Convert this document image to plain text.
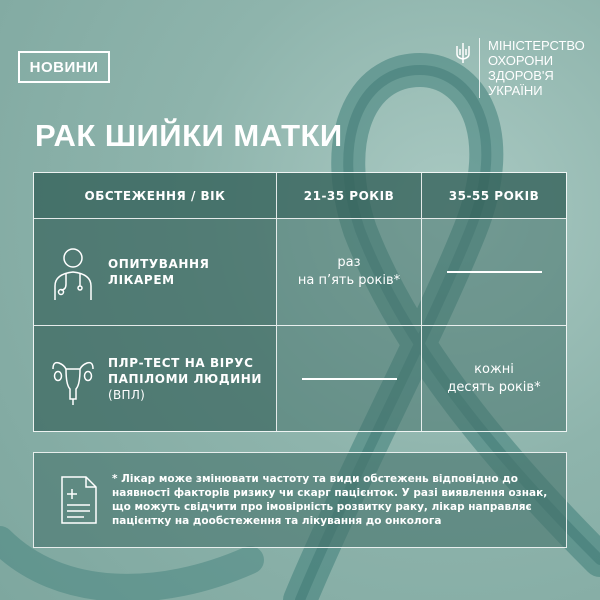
НОВИНИ
МІНІСТЕРСТВО
ОХОРОНИ
ЗДОРОВ'Я
УКРАЇНИ
РАК ШИЙКИ МАТКИ
ОБСТЕЖЕННЯ / ВІК	21-35 РОКІВ	35-55 РОКІВ
ОПИТУВАННЯ
ЛІКАРЕМ
раз
на п’ять років*
ПЛР-ТЕСТ НА ВІРУС
ПАПІЛОМИ ЛЮДИНИ
(ВПЛ)
кожні
десять років*
* Лікар може змінювати частоту та види обстежень відповідно до наявності факторів ризику чи скарг пацієнток. У разі виявлення ознак, що можуть свідчити про імовірність розвитку раку, лікар направляє пацієнтку на дообстеження та лікування до онколога
